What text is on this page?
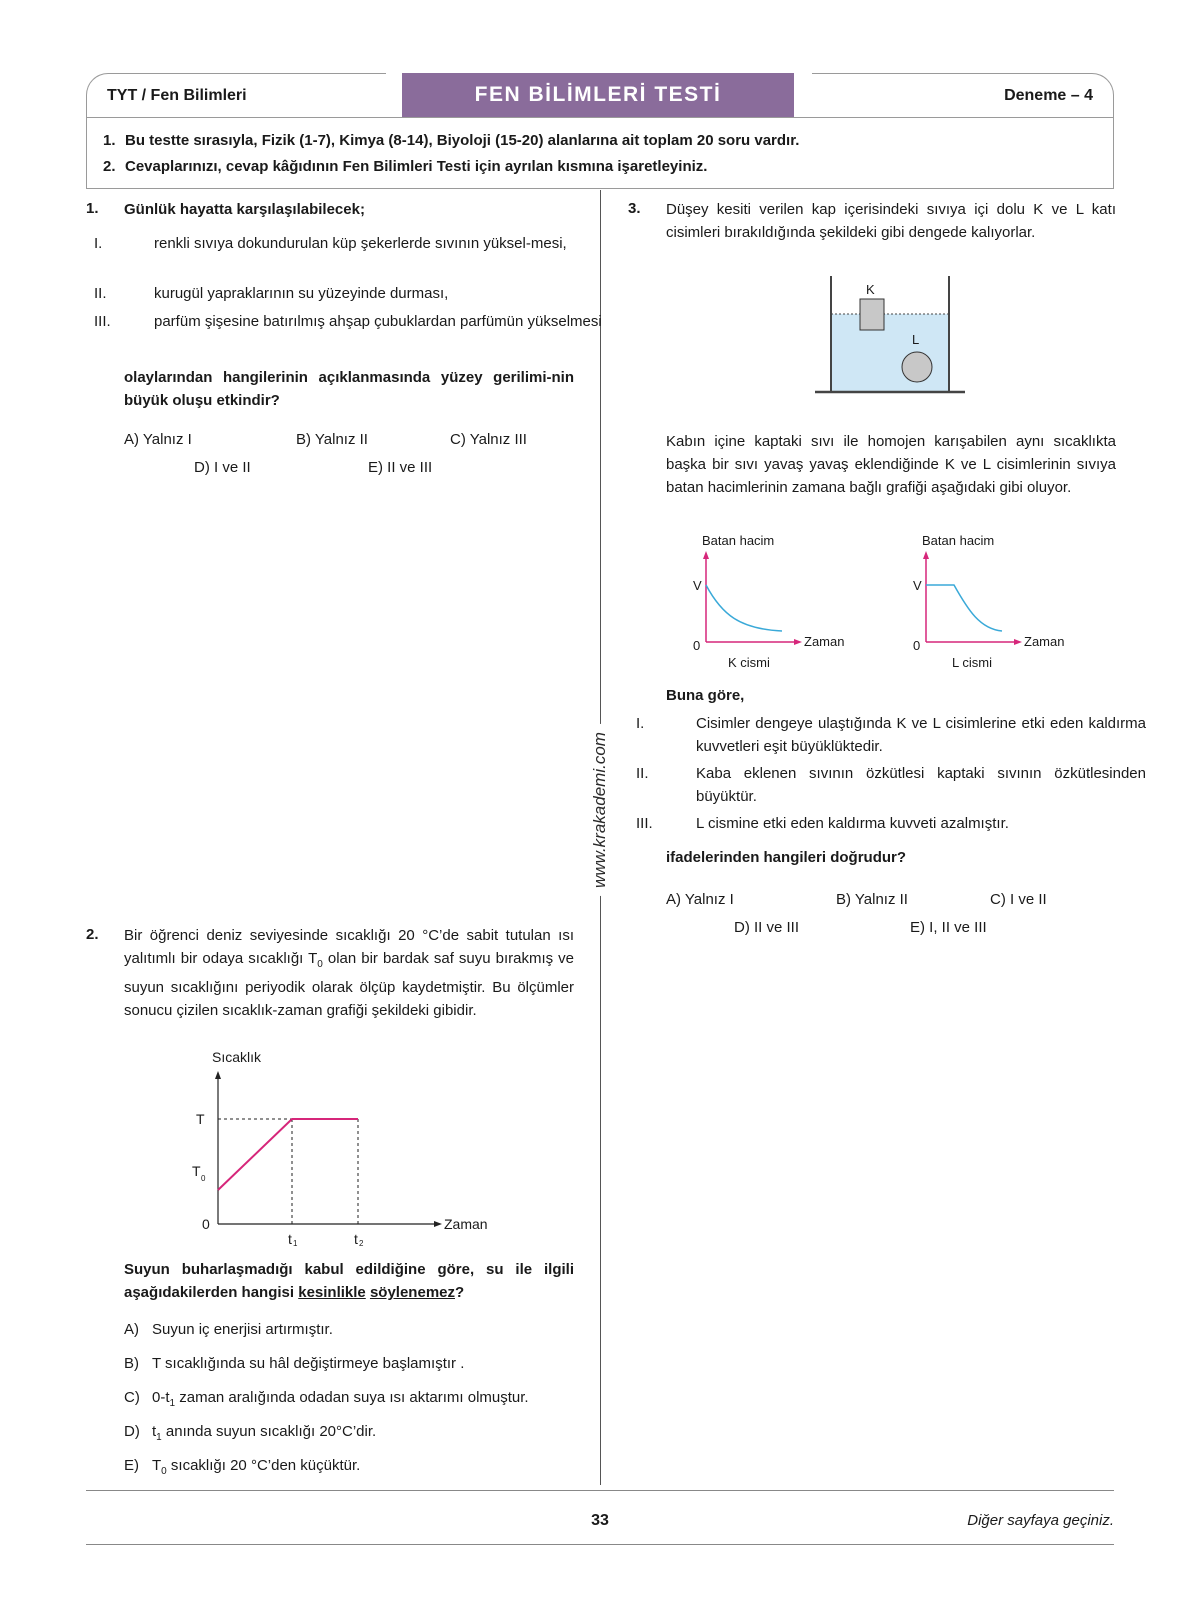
TYT / Fen Bilimleri	FEN BİLİMLERİ TESTİ	Deneme – 4
1. Bu testte sırasıyla, Fizik (1-7), Kimya (8-14), Biyoloji (15-20) alanlarına ait toplam 20 soru vardır.
2. Cevaplarınızı, cevap kâğıdının Fen Bilimleri Testi için ayrılan kısmına işaretleyiniz.
www.krakademi.com
1. Günlük hayatta karşılaşılabilecek;
I.	renkli sıvıya dokundurulan küp şekerlerde sıvının yüksel-mesi,
II.	kurugül yapraklarının su yüzeyinde durması,
III.	parfüm şişesine batırılmış ahşap çubuklardan parfümün yükselmesi
olaylarından hangilerinin açıklanmasında yüzey gerilimi-nin büyük oluşu etkindir?
A) Yalnız I	B) Yalnız II	C) Yalnız III
D) I ve II	E) II ve III
2. Bir öğrenci deniz seviyesinde sıcaklığı 20 °C’de sabit tutulan ısı yalıtımlı bir odaya sıcaklığı $T_0$ olan bir bardak saf suyu bırakmış ve suyun sıcaklığını periyodik olarak ölçüp kaydetmiştir. Bu ölçümler sonucu çizilen sıcaklık-zaman grafiği şekildeki gibidir.
Sıcaklık
Zaman
T
T 0
0
t 1	t 2
Suyun buharlaşmadığı kabul edildiğine göre, su ile ilgili aşağıdakilerden hangisi kesinlikle söylenemez?
A) Suyun iç enerjisi artırmıştır.
B) T sıcaklığında su hâl değiştirmeye başlamıştır .
C) $0-t_1$ zaman aralığında odadan suya ısı aktarımı olmuştur.
D) $t_1$ anında suyun sıcaklığı 20°C’dir.
E) $T_0$ sıcaklığı 20 °C’den küçüktür.
3. Düşey kesiti verilen kap içerisindeki sıvıya içi dolu K ve L katı cisimleri bırakıldığında şekildeki gibi dengede kalıyorlar.
K
L
Kabın içine kaptaki sıvı ile homojen karışabilen aynı sıcaklıkta başka bir sıvı yavaş yavaş eklendiğinde K ve L cisimlerinin sıvıya batan hacimlerinin zamana bağlı grafiği aşağıdaki gibi oluyor.
Batan hacim
Zaman
V
0
K cismi
Batan hacim
Zaman
V
0
L cismi
Buna göre,
I.	Cisimler dengeye ulaştığında K ve L cisimlerine etki eden kaldırma kuvvetleri eşit büyüklüktedir.
II.	Kaba eklenen sıvının özkütlesi kaptaki sıvının özkütlesinden büyüktür.
III.	L cismine etki eden kaldırma kuvveti azalmıştır.
ifadelerinden hangileri doğrudur?
A) Yalnız I	B) Yalnız II	C) I ve II
D) II ve III	E) I, II ve III
33	Diğer sayfaya geçiniz.
